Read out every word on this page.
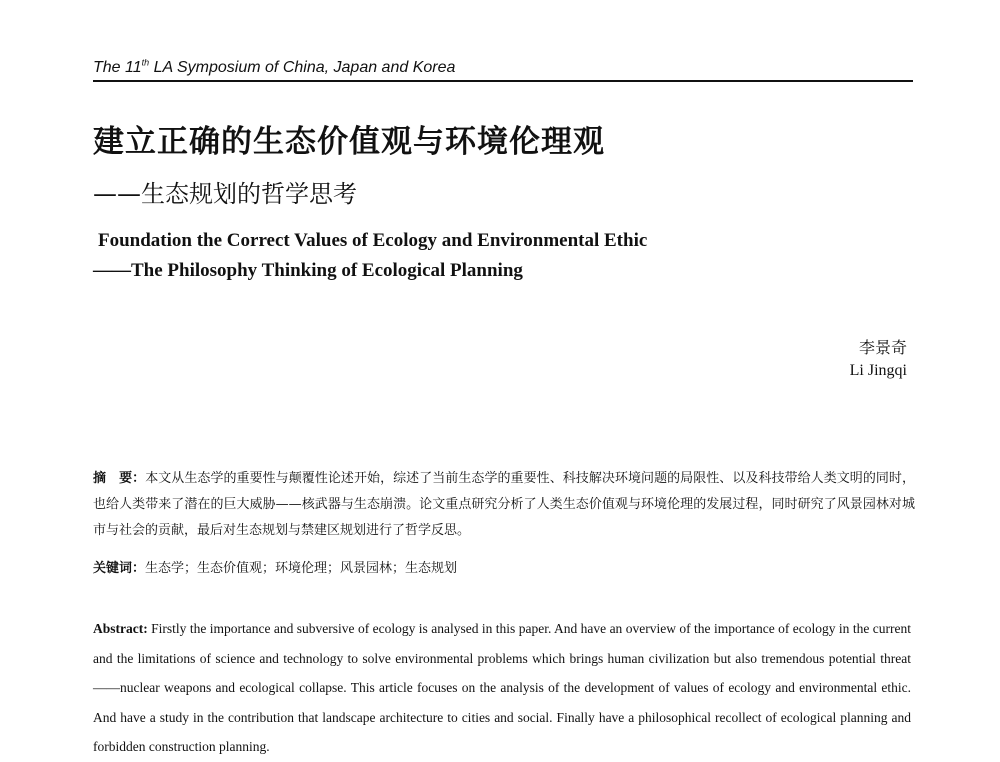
The 11th LA Symposium of China, Japan and Korea
建立正确的生态价值观与环境伦理观
——生态规划的哲学思考
Foundation the Correct Values of Ecology and Environmental Ethic
——The Philosophy Thinking of Ecological Planning
李景奇
Li Jingqi
摘　要：本文从生态学的重要性与颠覆性论述开始，综述了当前生态学的重要性、科技解决环境问题的局限性、以及科技带给人类文明的同时，也给人类带来了潜在的巨大威胁——核武器与生态崩溃。论文重点研究分析了人类生态价值观与环境伦理的发展过程，同时研究了风景园林对城市与社会的贡献，最后对生态规划与禁建区规划进行了哲学反思。
关键词：生态学；生态价值观；环境伦理；风景园林；生态规划
Abstract: Firstly the importance and subversive of ecology is analysed in this paper. And have an overview of the importance of ecology in the current and the limitations of science and technology to solve environmental problems which brings human civilization but also tremendous potential threat——nuclear weapons and ecological collapse. This article focuses on the analysis of the development of values of ecology and environmental ethic. And have a study in the contribution that landscape architecture to cities and social. Finally have a philosophical recollect of ecological planning and forbidden construction planning.
